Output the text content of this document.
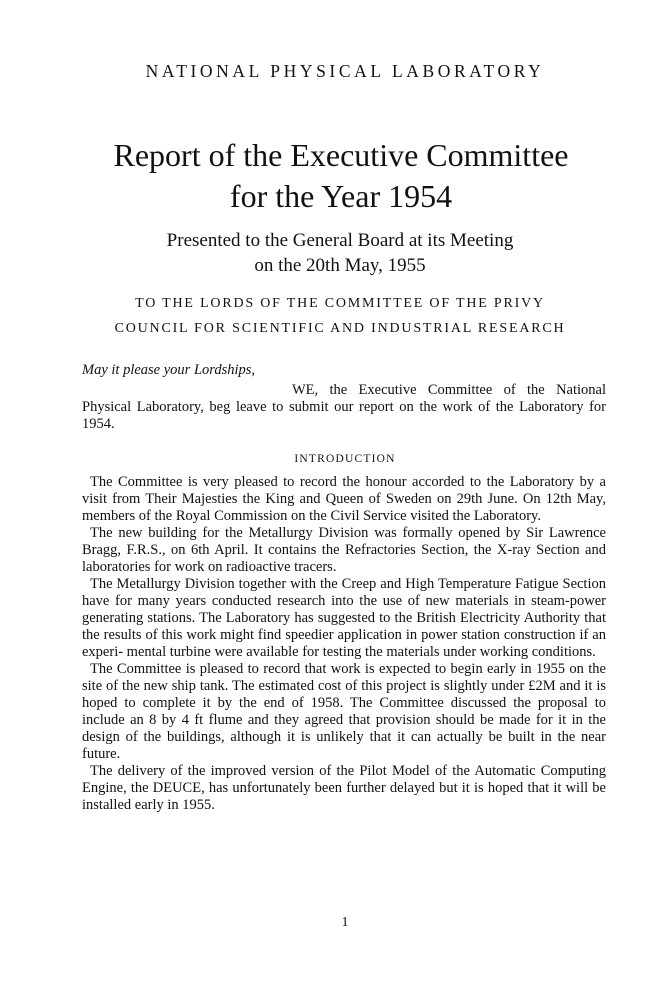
NATIONAL PHYSICAL LABORATORY
Report of the Executive Committee
for the Year 1954
Presented to the General Board at its Meeting
on the 20th May, 1955
TO THE LORDS OF THE COMMITTEE OF THE PRIVY
COUNCIL FOR SCIENTIFIC AND INDUSTRIAL RESEARCH
May it please your Lordships,

WE, the Executive Committee of the National Physical Laboratory, beg leave to submit our report on the work of the Laboratory for 1954.

INTRODUCTION

The Committee is very pleased to record the honour accorded to the Laboratory by a visit from Their Majesties the King and Queen of Sweden on 29th June. On 12th May, members of the Royal Commission on the Civil Service visited the Laboratory.

The new building for the Metallurgy Division was formally opened by Sir Lawrence Bragg, F.R.S., on 6th April. It contains the Refractories Section, the X-ray Section and laboratories for work on radioactive tracers.

The Metallurgy Division together with the Creep and High Temperature Fatigue Section have for many years conducted research into the use of new materials in steam-power generating stations. The Laboratory has suggested to the British Electricity Authority that the results of this work might find speedier application in power station construction if an experi- mental turbine were available for testing the materials under working conditions.

The Committee is pleased to record that work is expected to begin early in 1955 on the site of the new ship tank. The estimated cost of this project is slightly under £2M and it is hoped to complete it by the end of 1958. The Committee discussed the proposal to include an 8 by 4 ft flume and they agreed that provision should be made for it in the design of the buildings, although it is unlikely that it can actually be built in the near future.

The delivery of the improved version of the Pilot Model of the Automatic Computing Engine, the DEUCE, has unfortunately been further delayed but it is hoped that it will be installed early in 1955.

1
